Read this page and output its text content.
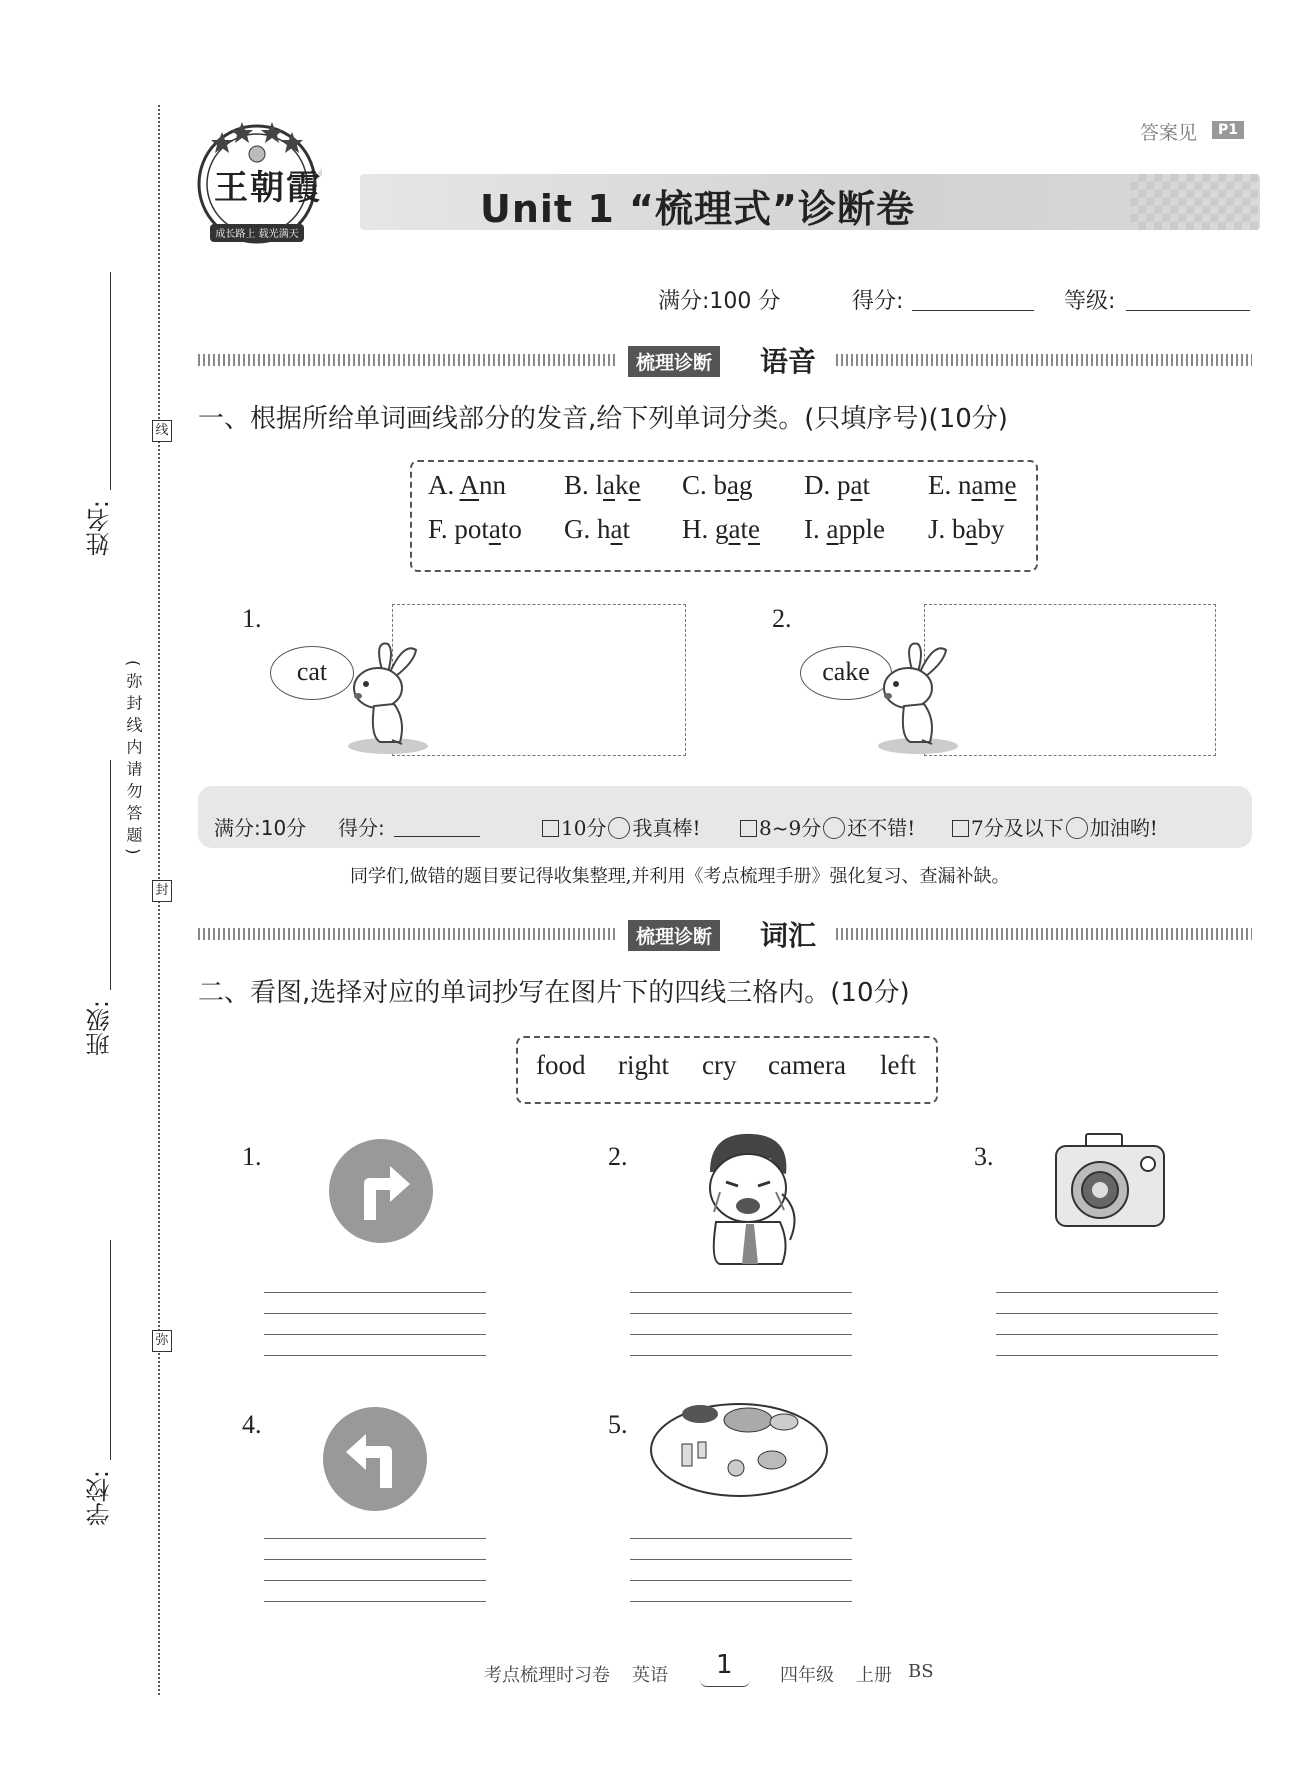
姓名:
(弥封线内请勿答题)
班级:
学校:
线
封
弥
答案见	P1
成长路上 载光满天
王朝霞	Unit 1 “梳理式”诊断卷
满分:100 分	得分:	等级:
梳理诊断 语音
一、根据所给单词画线部分的发音,给下列单词分类。(只填序号)(10分)
A. Ann B. lake C. bag D. pat E. name
F. potato G. hat H. gate I. apple J. baby
1.
cat
2.
cake
满分:10分 得分:	10分 我真棒!	8~9分 还不错!	7分及以下 加油哟!
同学们,做错的题目要记得收集整理,并利用《考点梳理手册》强化复习、查漏补缺。
梳理诊断 词汇
二、看图,选择对应的单词抄写在图片下的四线三格内。(10分)
food right cry camera left
1.	2.	3.
4.	5.
考点梳理时习卷 英语 1	四年级 上册 BS
